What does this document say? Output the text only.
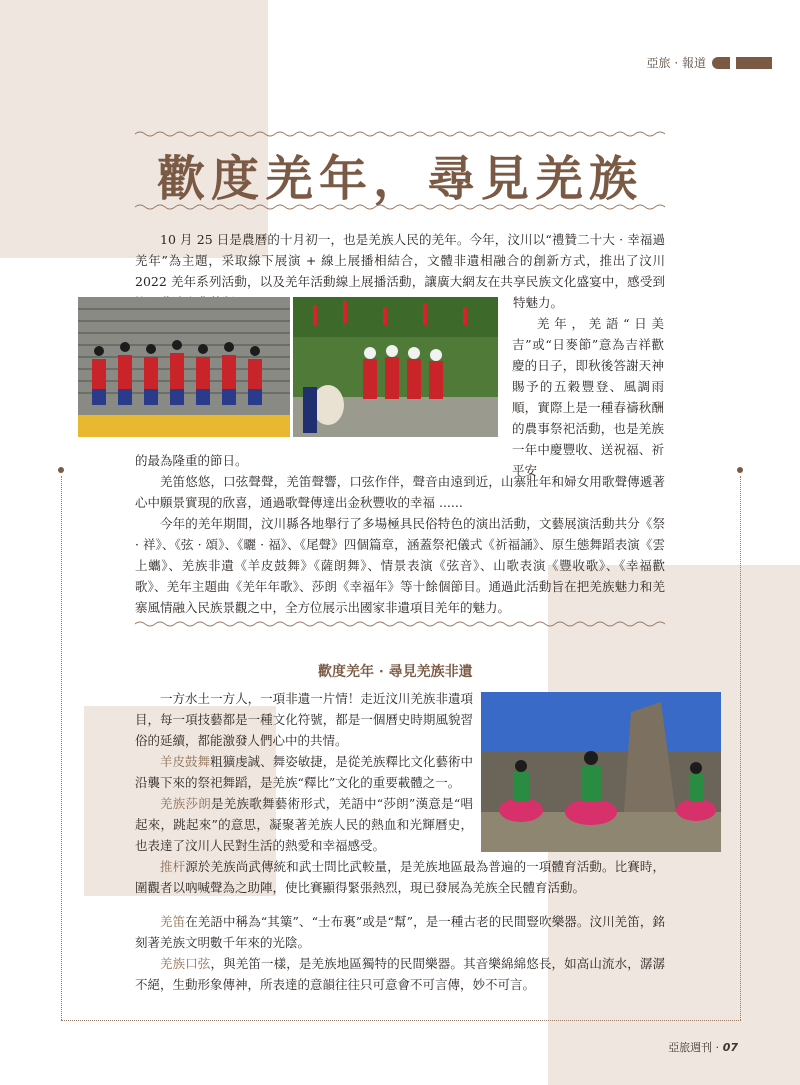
亞旅 · 報道
歡度羌年，尋見羌族

10 月 25 日是農曆的十月初一，也是羌族人民的羌年。今年，汶川以“禮贊二十大 · 幸福過羌年”為主題，采取線下展演 + 線上展播相結合，文體非遺相融合的創新方式，推出了汶川 2022 羌年系列活動，以及羌年活動線上展播活動，讓廣大網友在共享民族文化盛宴中，感受到

特魅力。

羌年，羌語“日美吉”或“日麥節”意為吉祥歡慶的日子，即秋後答謝天神賜予的五穀豐登、風調雨順，實際上是一種春禱秋酬的農事祭祀活動，也是羌族一年中慶豐收、送祝福、祈平安

的最為隆重的節日。

羌笛悠悠，口弦聲聲，羌笛聲響，口弦作伴，聲音由遠到近，山寨壯年和婦女用歌聲傳遞著心中願景實現的欣喜，通過歌聲傳達出金秋豐收的幸福 ......

今年的羌年期間，汶川縣各地舉行了多場極具民俗特色的演出活動，文藝展演活動共分《祭 · 祥》、《弦 · 頌》、《曬 · 福》、《尾聲》四個篇章，涵蓋祭祀儀式《祈福誦》、原生態舞蹈表演《雲上蠵》、羌族非遺《羊皮鼓舞》《薩朗舞》、情景表演《弦音》、山歌表演《豐收歌》、《幸福歡歌》、羌年主題曲《羌年年歌》、莎朗《幸福年》等十餘個節目。通過此活動旨在把羌族魅力和羌寨風情融入民族景觀之中，全方位展示出國家非遺項目羌年的魅力。

歡度羌年 · 尋見羌族非遺

一方水土一方人，一項非遺一片情！走近汶川羌族非遺項目，每一項技藝都是一種文化符號，都是一個曆史時期風貌習俗的延續，都能激發人們心中的共情。

羊皮鼓舞粗獷虔誠、舞姿敏捷，是從羌族釋比文化藝術中沿襲下來的祭祀舞蹈，是羌族“釋比”文化的重要載體之一。

羌族莎朗是羌族歌舞藝術形式，羌語中“莎朗”漢意是“唱起來，跳起來”的意思，凝聚著羌族人民的熱血和光輝曆史，也表達了汶川人民對生活的熱愛和幸福感受。

推杆源於羌族尚武傳統和武士問比武較量，是羌族地區最為普遍的一項體育活動。比賽時，圍觀者以吶喊聲為之助陣，使比賽顯得緊張熱烈，現已發展為羌族全民體育活動。

羌笛在羌語中稱為“其篥”、“士布裏”或是“幫”，是一種古老的民間豎吹樂器。汶川羌笛，銘刻著羌族文明數千年來的光陰。

羌族口弦，與羌笛一樣，是羌族地區獨特的民間樂器。其音樂綿綿悠長，如高山流水，潺潺不絕，生動形象傳神，所表達的意韻往往只可意會不可言傳，妙不可言。

亞旅週刊 · 07
